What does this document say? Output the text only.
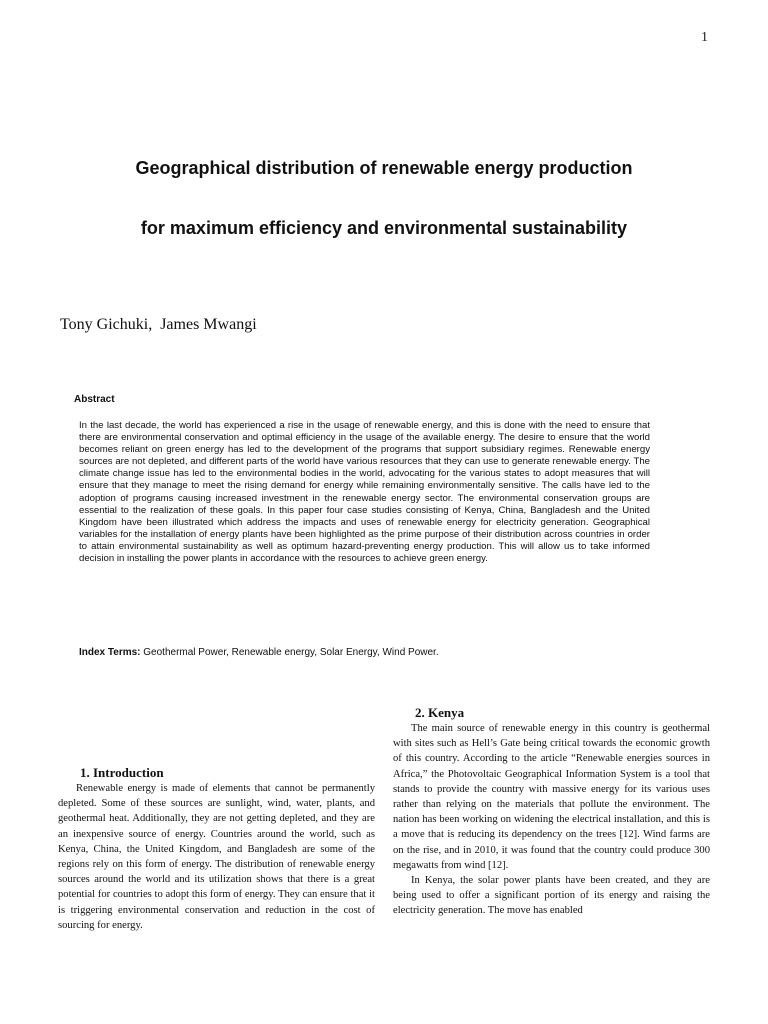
1
Geographical distribution of renewable energy production
for maximum efficiency and environmental sustainability
Tony Gichuki,  James Mwangi
Abstract

In the last decade, the world has experienced a rise in the usage of renewable energy, and this is done with the need to ensure that there are environmental conservation and optimal efficiency in the usage of the available energy. The desire to ensure that the world becomes reliant on green energy has led to the development of the programs that support subsidiary regimes. Renewable energy sources are not depleted, and different parts of the world have various resources that they can use to generate renewable energy. The climate change issue has led to the environmental bodies in the world, advocating for the various states to adopt measures that will ensure that they manage to meet the rising demand for energy while remaining environmentally sensitive. The calls have led to the adoption of programs causing increased investment in the renewable energy sector. The environmental conservation groups are essential to the realization of these goals. In this paper four case studies consisting of Kenya, China, Bangladesh and the United Kingdom have been illustrated which address the impacts and uses of renewable energy for electricity generation. Geographical variables for the installation of energy plants have been highlighted as the prime purpose of their distribution across countries in order to attain environmental sustainability as well as optimum hazard-preventing energy production. This will allow us to take informed decision in installing the power plants in accordance with the resources to achieve green energy.

Index Terms: Geothermal Power, Renewable energy, Solar Energy, Wind Power.

1. Introduction

Renewable energy is made of elements that cannot be permanently depleted. Some of these sources are sunlight, wind, water, plants, and geothermal heat. Additionally, they are not getting depleted, and they are an inexpensive source of energy. Countries around the world, such as Kenya, China, the United Kingdom, and Bangladesh are some of the regions rely on this form of energy. The distribution of renewable energy sources around the world and its utilization shows that there is a great potential for countries to adopt this form of energy. They can ensure that it is triggering environmental conservation and reduction in the cost of sourcing for energy.

2. Kenya

The main source of renewable energy in this country is geothermal with sites such as Hell’s Gate being critical towards the economic growth of this country. According to the article “Renewable energies sources in Africa,” the Photovoltaic Geographical Information System is a tool that stands to provide the country with massive energy for its various uses rather than relying on the materials that pollute the environment. The nation has been working on widening the electrical installation, and this is a move that is reducing its dependency on the trees [12]. Wind farms are on the rise, and in 2010, it was found that the country could produce 300 megawatts from wind [12].

In Kenya, the solar power plants have been created, and they are being used to offer a significant portion of its energy and raising the electricity generation. The move has enabled
